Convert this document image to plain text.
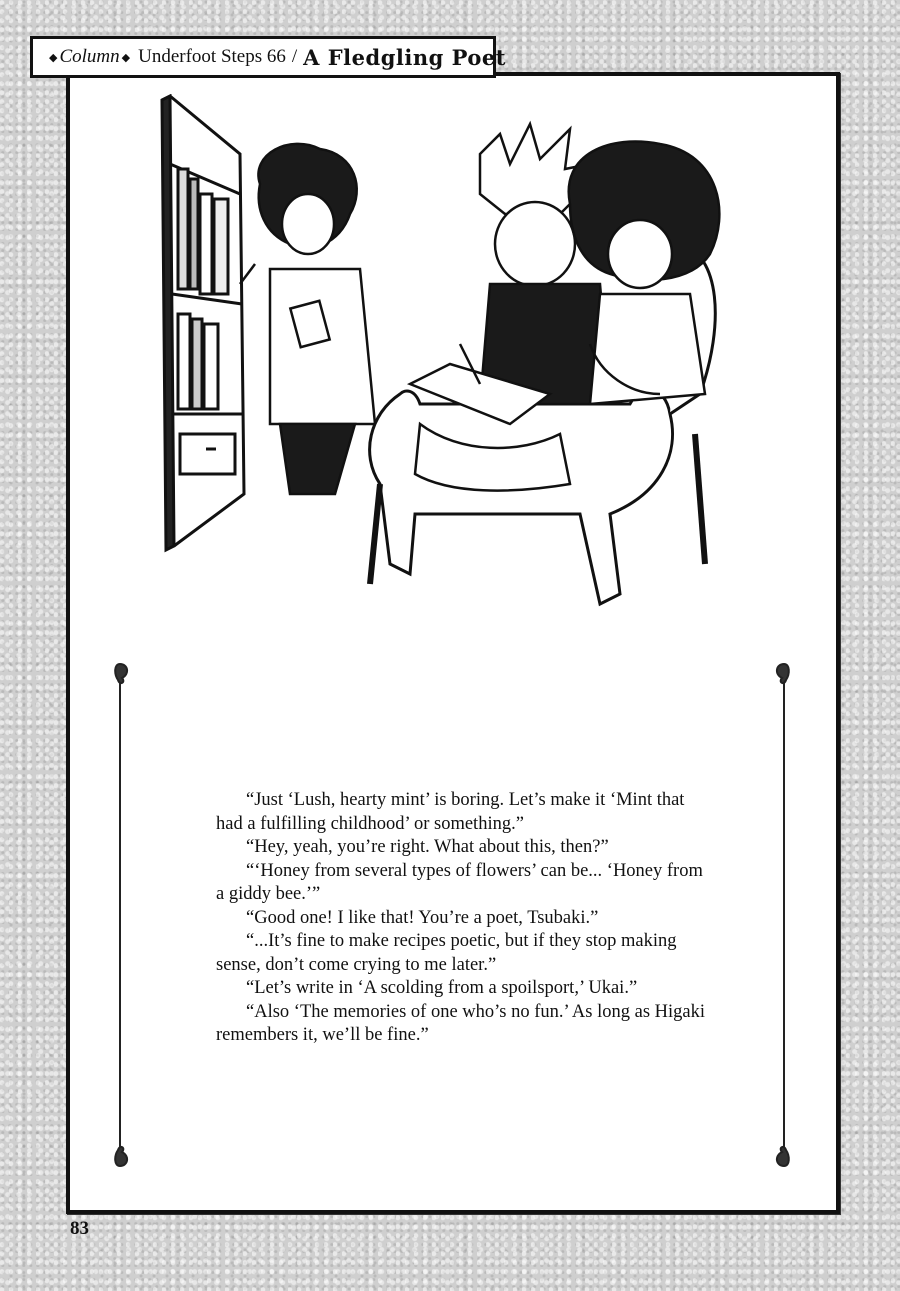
◆ Column ◆ Underfoot Steps 66 / A Fledgling Poet

“Just ‘Lush, hearty mint’ is boring. Let’s make it ‘Mint that had a fulfilling childhood’ or something.”

“Hey, yeah, you’re right. What about this, then?”

“‘Honey from several types of flowers’ can be... ‘Honey from a giddy bee.’”

“Good one! I like that! You’re a poet, Tsubaki.”

“...It’s fine to make recipes poetic, but if they stop making sense, don’t come crying to me later.”

“Let’s write in ‘A scolding from a spoilsport,’ Ukai.”

“Also ‘The memories of one who’s no fun.’ As long as Higaki remembers it, we’ll be fine.”

83
